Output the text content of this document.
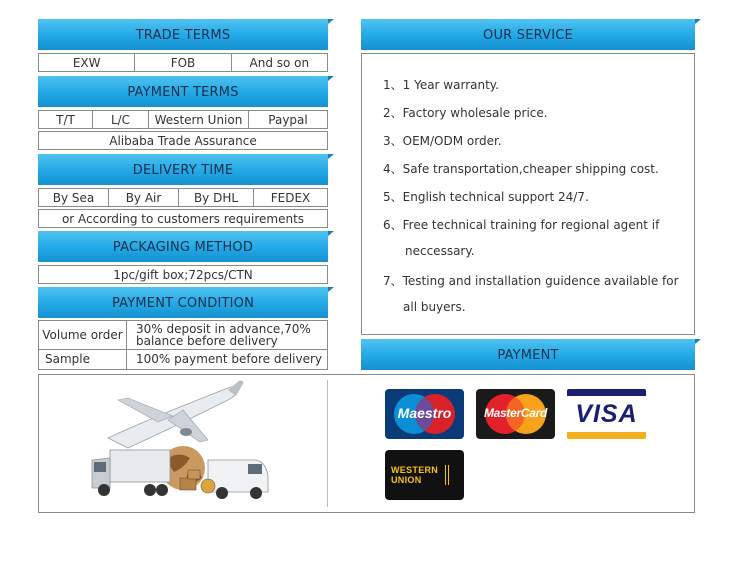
TRADE TERMS
EXW	FOB	And so on
PAYMENT TERMS
T/T	L/C	Western Union	Paypal
Alibaba Trade Assurance
DELIVERY TIME
By Sea	By Air	By DHL	FEDEX
or According to customers requirements
PACKAGING METHOD
1pc/gift box;72pcs/CTN
PAYMENT CONDITION
Volume order	30% deposit in advance,70%
balance before delivery
Sample	100% payment before delivery
OUR SERVICE
1、1 Year warranty.
2、Factory wholesale price.
3、OEM/ODM order.
4、Safe transportation,cheaper shipping cost.
5、English technical support 24/7.
6、Free technical training for regional agent if
neccessary.
7、Testing and installation guidence available for
all buyers.
PAYMENT
Maestro	MasterCard	VISA
WESTERN
UNION
